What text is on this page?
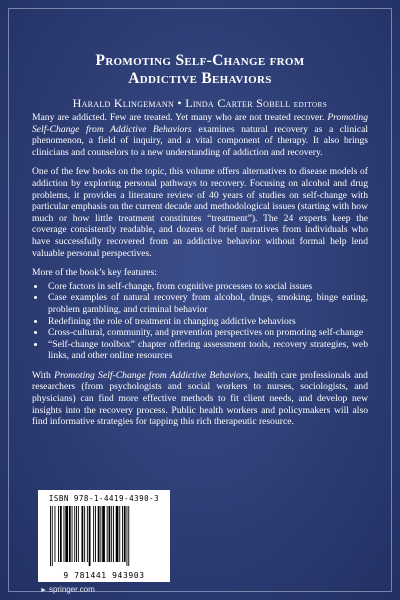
Promoting Self-Change from
Addictive Behaviors
Harald Klingemann • Linda Carter Sobell editors

Many are addicted. Few are treated. Yet many who are not treated recover. Promoting Self-Change from Addictive Behaviors examines natural recovery as a clinical phenomenon, a field of inquiry, and a vital component of therapy. It also brings clinicians and counselors to a new understanding of addiction and recovery.

One of the few books on the topic, this volume offers alternatives to disease models of addiction by exploring personal pathways to recovery. Focusing on alcohol and drug problems, it provides a literature review of 40 years of studies on self-change with particular emphasis on the current decade and methodological issues (starting with how much or how little treatment constitutes “treatment”). The 24 experts keep the coverage consistently readable, and dozens of brief narratives from individuals who have successfully recovered from an addictive behavior without formal help lend valuable personal perspectives.

More of the book’s key features:

• Core factors in self-change, from cognitive processes to social issues
• Case examples of natural recovery from alcohol, drugs, smoking, binge eating, problem gambling, and criminal behavior
• Redefining the role of treatment in changing addictive behaviors
• Cross-cultural, community, and prevention perspectives on promoting self-change
• “Self-change toolbox” chapter offering assessment tools, recovery strategies, web links, and other online resources

With Promoting Self-Change from Addictive Behaviors, health care professionals and researchers (from psychologists and social workers to nurses, sociologists, and physicians) can find more effective methods to fit client needs, and develop new insights into the recovery process. Public health workers and policymakers will also find informative strategies for tapping this rich therapeutic resource.

ISBN 978-1-4419-4390-3
9 781441 943903
► springer.com
